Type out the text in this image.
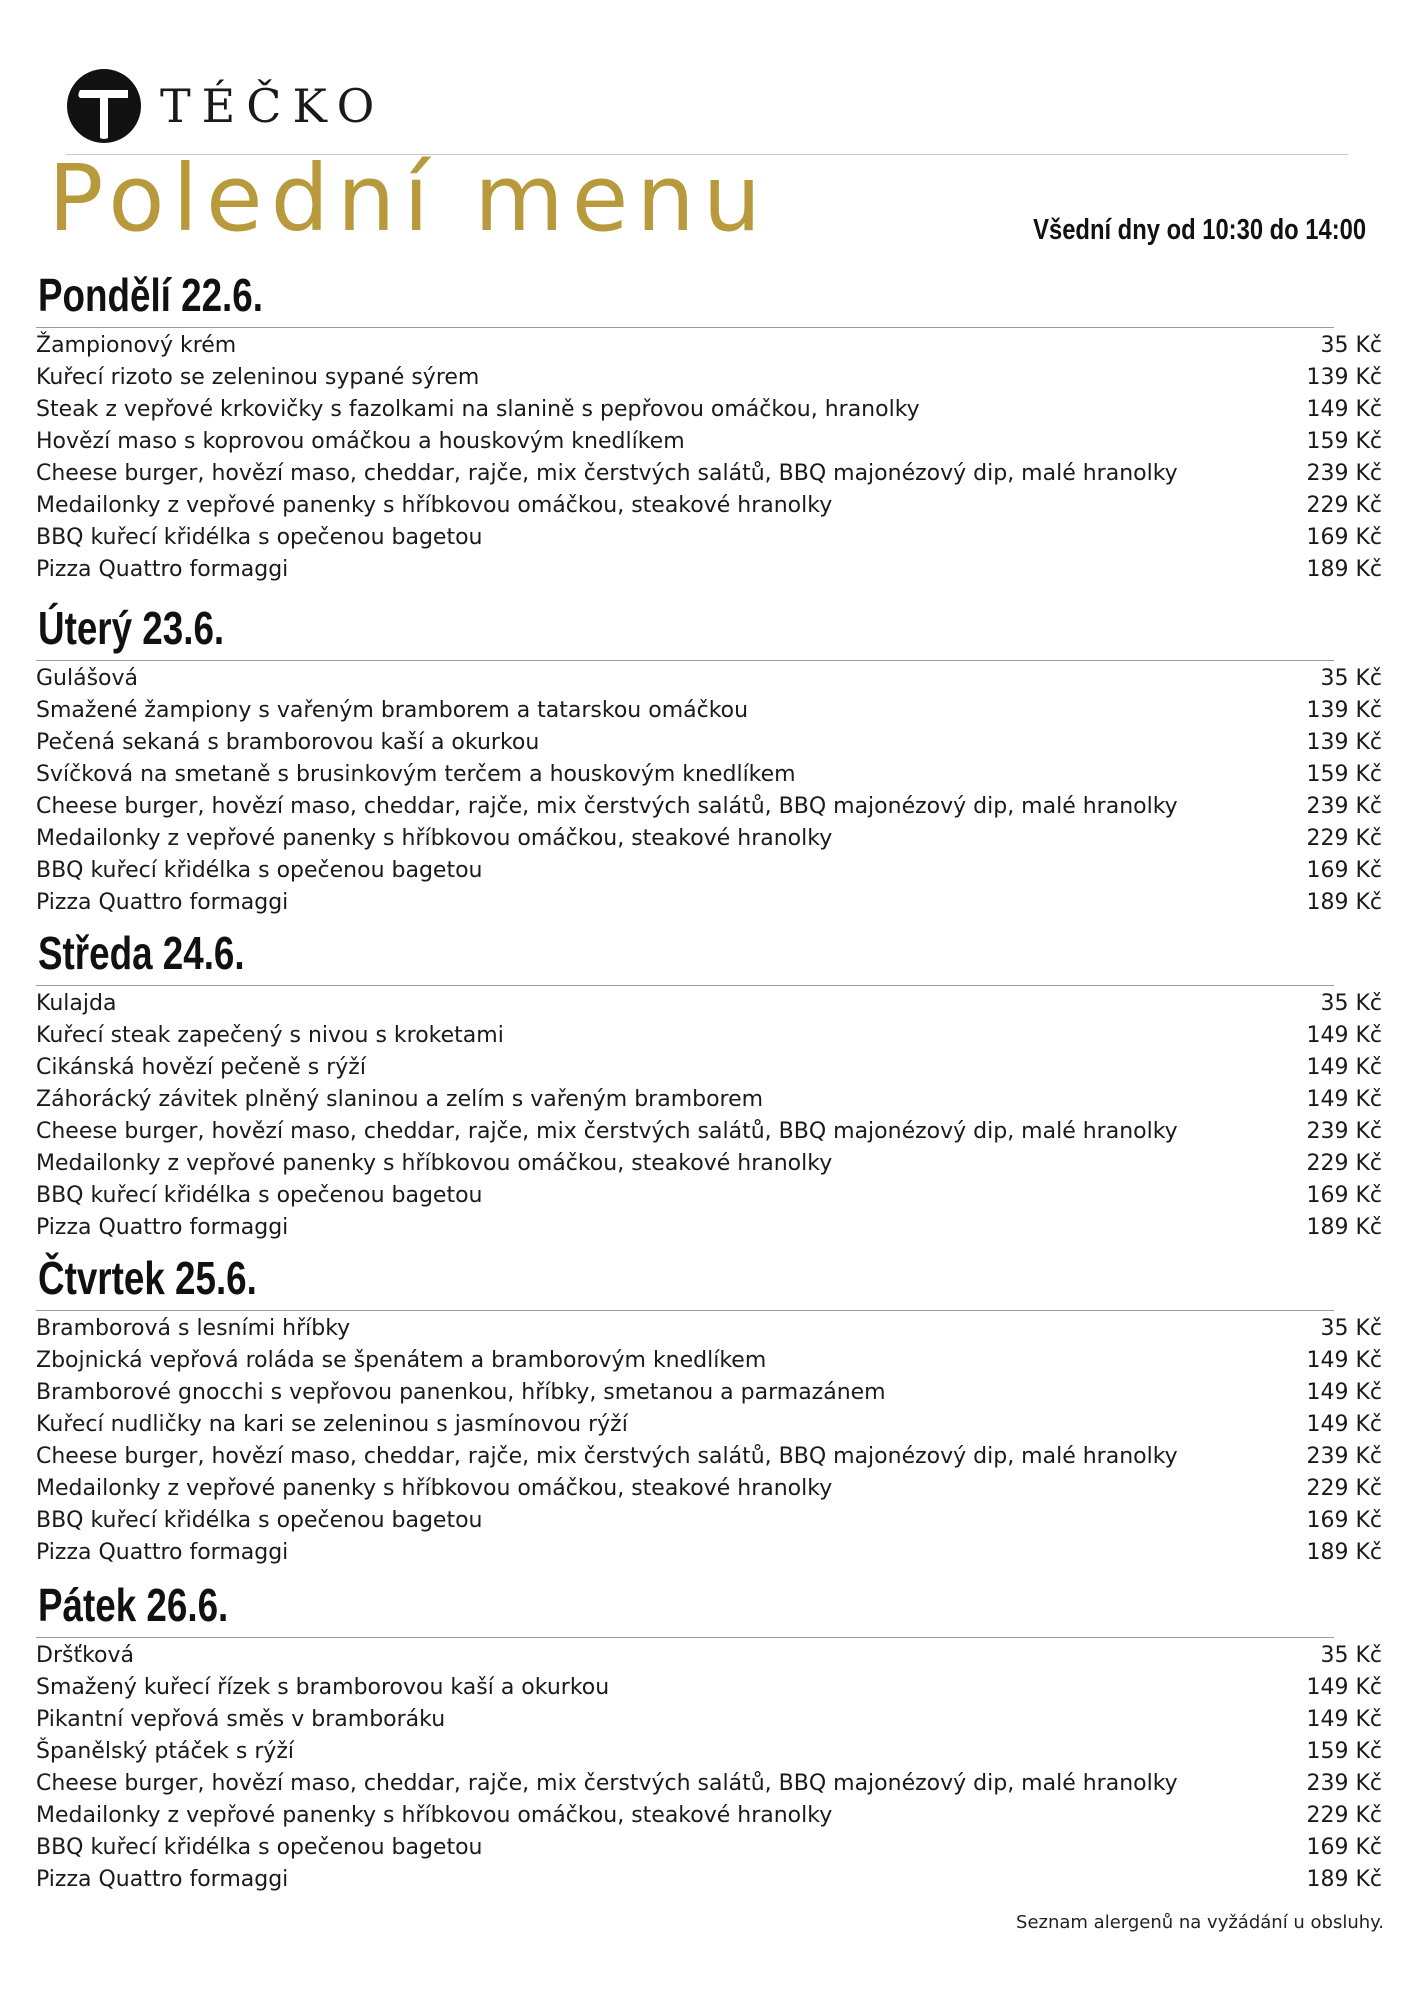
TÉČKO
Polední menu	Všední dny od 10:30 do 14:00
Pondělí 22.6.
Žampionový krém	35 Kč
Kuřecí rizoto se zeleninou sypané sýrem	139 Kč
Steak z vepřové krkovičky s fazolkami na slanině s pepřovou omáčkou, hranolky	149 Kč
Hovězí maso s koprovou omáčkou a houskovým knedlíkem	159 Kč
Cheese burger, hovězí maso, cheddar, rajče, mix čerstvých salátů, BBQ majonézový dip, malé hranolky	239 Kč
Medailonky z vepřové panenky s hříbkovou omáčkou, steakové hranolky	229 Kč
BBQ kuřecí křidélka s opečenou bagetou	169 Kč
Pizza Quattro formaggi	189 Kč
Úterý 23.6.
Gulášová	35 Kč
Smažené žampiony s vařeným bramborem a tatarskou omáčkou	139 Kč
Pečená sekaná s bramborovou kaší a okurkou	139 Kč
Svíčková na smetaně s brusinkovým terčem a houskovým knedlíkem	159 Kč
Cheese burger, hovězí maso, cheddar, rajče, mix čerstvých salátů, BBQ majonézový dip, malé hranolky	239 Kč
Medailonky z vepřové panenky s hříbkovou omáčkou, steakové hranolky	229 Kč
BBQ kuřecí křidélka s opečenou bagetou	169 Kč
Pizza Quattro formaggi	189 Kč
Středa 24.6.
Kulajda	35 Kč
Kuřecí steak zapečený s nivou s kroketami	149 Kč
Cikánská hovězí pečeně s rýží	149 Kč
Záhorácký závitek plněný slaninou a zelím s vařeným bramborem	149 Kč
Cheese burger, hovězí maso, cheddar, rajče, mix čerstvých salátů, BBQ majonézový dip, malé hranolky	239 Kč
Medailonky z vepřové panenky s hříbkovou omáčkou, steakové hranolky	229 Kč
BBQ kuřecí křidélka s opečenou bagetou	169 Kč
Pizza Quattro formaggi	189 Kč
Čtvrtek 25.6.
Bramborová s lesními hříbky	35 Kč
Zbojnická vepřová roláda se špenátem a bramborovým knedlíkem	149 Kč
Bramborové gnocchi s vepřovou panenkou, hříbky, smetanou a parmazánem	149 Kč
Kuřecí nudličky na kari se zeleninou s jasmínovou rýží	149 Kč
Cheese burger, hovězí maso, cheddar, rajče, mix čerstvých salátů, BBQ majonézový dip, malé hranolky	239 Kč
Medailonky z vepřové panenky s hříbkovou omáčkou, steakové hranolky	229 Kč
BBQ kuřecí křidélka s opečenou bagetou	169 Kč
Pizza Quattro formaggi	189 Kč
Pátek 26.6.
Dršťková	35 Kč
Smažený kuřecí řízek s bramborovou kaší a okurkou	149 Kč
Pikantní vepřová směs v bramboráku	149 Kč
Španělský ptáček s rýží	159 Kč
Cheese burger, hovězí maso, cheddar, rajče, mix čerstvých salátů, BBQ majonézový dip, malé hranolky	239 Kč
Medailonky z vepřové panenky s hříbkovou omáčkou, steakové hranolky	229 Kč
BBQ kuřecí křidélka s opečenou bagetou	169 Kč
Pizza Quattro formaggi	189 Kč
Seznam alergenů na vyžádání u obsluhy.
